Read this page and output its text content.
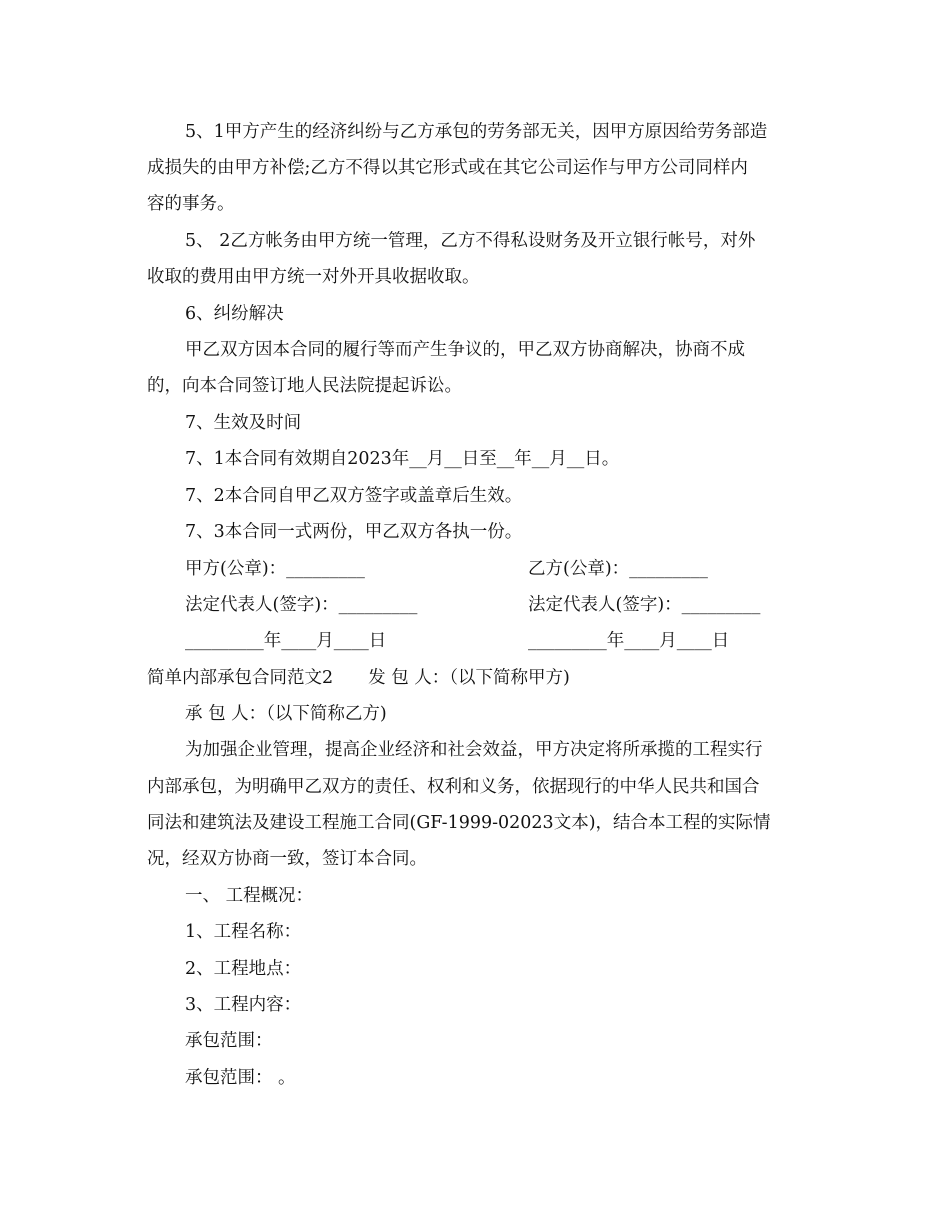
5、1甲方产生的经济纠纷与乙方承包的劳务部无关，因甲方原因给劳务部造
成损失的由甲方补偿;乙方不得以其它形式或在其它公司运作与甲方公司同样内
容的事务。
5、 2乙方帐务由甲方统一管理，乙方不得私设财务及开立银行帐号，对外
收取的费用由甲方统一对外开具收据收取。
6、纠纷解决
甲乙双方因本合同的履行等而产生争议的，甲乙双方协商解决，协商不成
的，向本合同签订地人民法院提起诉讼。
7、生效及时间
7、1本合同有效期自2023年__月__日至__年__月__日。
7、2本合同自甲乙双方签字或盖章后生效。
7、3本合同一式两份，甲乙双方各执一份。
甲方(公章)：_________	乙方(公章)：_________
法定代表人(签字)：_________	法定代表人(签字)：_________
_________年____月____日	_________年____月____日
简单内部承包合同范文2　　发 包 人：（以下简称甲方)
承 包 人：（以下简称乙方)
为加强企业管理，提高企业经济和社会效益，甲方决定将所承揽的工程实行
内部承包，为明确甲乙双方的责任、权利和义务，依据现行的中华人民共和国合
同法和建筑法及建设工程施工合同(GF-1999-02023文本)，结合本工程的实际情
况，经双方协商一致，签订本合同。
一、 工程概况：
1、工程名称：
2、工程地点：
3、工程内容：
承包范围：
承包范围： 。
